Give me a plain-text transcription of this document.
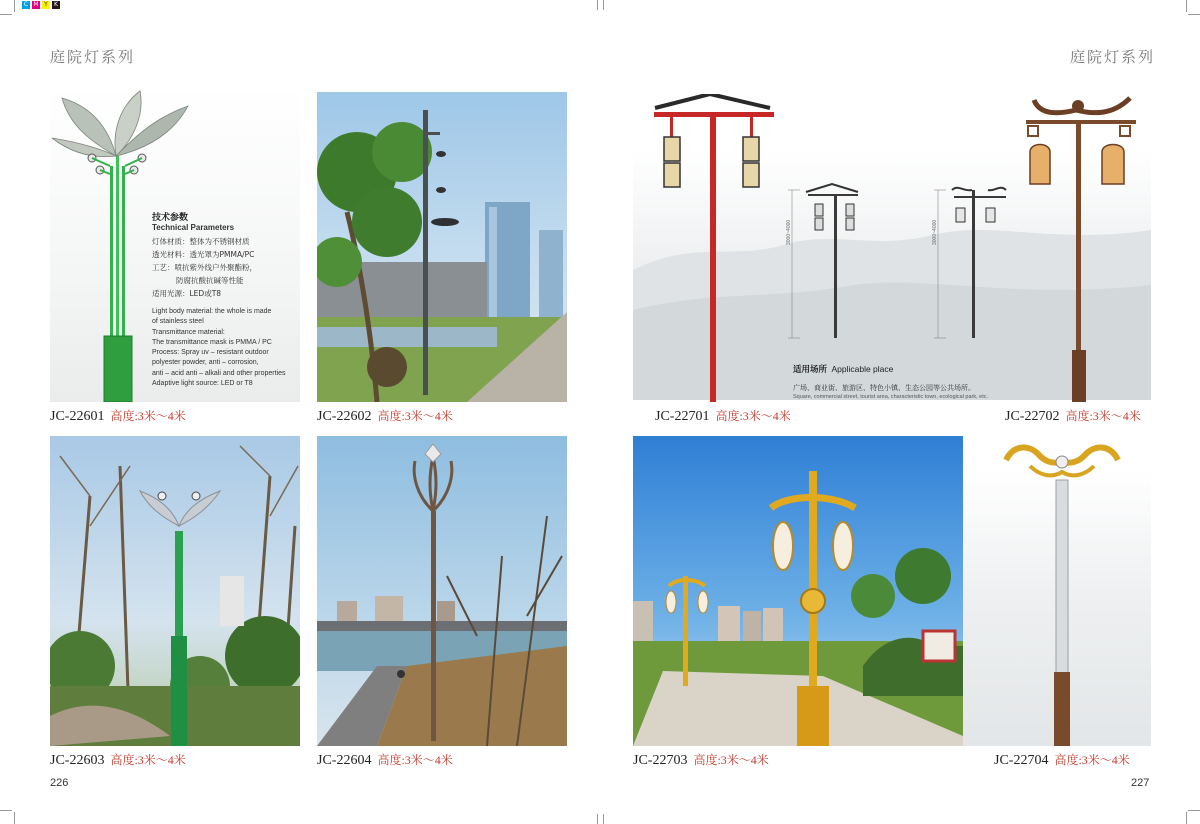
C M Y	K
庭院灯系列
技术参数
Technical Parameters
灯体材质：整体为不锈钢材质
透光材料：透光罩为PMMA/PC
工艺：喷抗紫外线户外聚酯粉，
防腐抗酸抗碱等性能
适用光源：LED或T8
Light body material: the whole is made
of stainless steel
Transmittance material:
The transmittance mask is PMMA / PC
Process: Spray uv – resistant outdoor
polyester powder, anti – corrosion,
anti – acid anti – alkali and other properties
Adaptive light source: LED or T8
JC-22601 高度:3米～4米	JC-22602 高度:3米～4米
JC-22603 高度:3米～4米	JC-22604 高度:3米～4米
226
庭院灯系列
3000~4000	3000~4000
适用场所 Applicable place
广场、商业街、旅游区、特色小镇、生态公园等公共场所。
Square, commercial street, tourist area, characteristic town, ecological park, etc.
JC-22701 高度:3米～4米	JC-22702 高度:3米～4米
JC-22703 高度:3米～4米	JC-22704 高度:3米～4米
227
